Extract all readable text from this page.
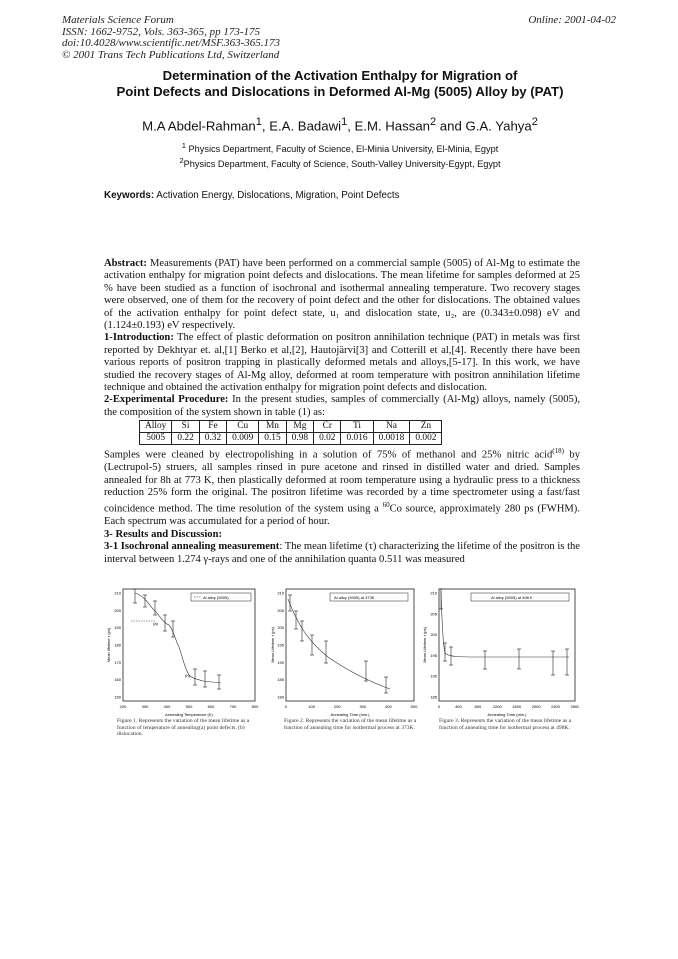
Materials Science Forum
ISSN: 1662-9752, Vols. 363-365, pp 173-175
doi:10.4028/www.scientific.net/MSF.363-365.173
© 2001 Trans Tech Publications Ltd, Switzerland
Online: 2001-04-02
Determination of the Activation Enthalpy for Migration of
Point Defects and Dislocations in Deformed Al-Mg (5005) Alloy by (PAT)
M.A Abdel-Rahman$^1$, E.A. Badawi$^1$, E.M. Hassan$^2$ and G.A. Yahya$^2$
$^1$ Physics Department, Faculty of Science, El-Minia University, El-Minia, Egypt
$^2$Physics Department, Faculty of Science, South-Valley University-Egypt, Egypt
Keywords: Activation Energy, Dislocations, Migration, Point Defects

Abstract: Measurements (PAT) have been performed on a commercial sample (5005) of Al-Mg to estimate the activation enthalpy for migration point defects and dislocations. The mean lifetime for samples deformed at 25 % have been studied as a function of isochronal and isothermal annealing temperature. Two recovery stages were observed, one of them for the recovery of point defect and the other for dislocations. The obtained values of the activation enthalpy for point defect state, u₁ and dislocation state, u₂, are (0.343±0.098) eV and (1.124±0.193) eV respectively.

1-Introduction: The effect of plastic deformation on positron annihilation technique (PAT) in metals was first reported by Dekhtyar et. al,[1] Berko et al,[2], Hautojärvi[3] and Cotterill et al,[4]. Recently there have been various reports of positron trapping in plastically deformed metals and alloys,[5-17]. In this work, we have studied the recovery stages of Al-Mg alloy, deformed at room temperature with positron annihilation lifetime technique and obtained the activation enthalpy for migration point defects and dislocation.

2-Experimental Procedure: In the present studies, samples of commercially (Al-Mg) alloys, namely (5005), the composition of the system shown in table (1) as:

Alloy	Si	Fe	Cu	Mn	Mg	Cr	Ti	Na	Zn
5005	0.22	0.32	0.009	0.15	0.98	0.02	0.016	0.0018	0.002

Samples were cleaned by electropolishing in a solution of 75% of methanol and 25% nitric acid$^{(18)}$ by (Lectrupol-5) struers, all samples rinsed in pure acetone and rinsed in distilled water and dried. Samples annealed for 8h at 773 K, then plastically deformed at room temperature using a hydraulic press to a thickness reduction 25% form the original. The positron lifetime was recorded by a time spectrometer using a fast/fast coincidence method. The time resolution of the system using a $^{60}$Co source, approximately 280 ps (FWHM). Each spectrum was accumulated for a period of hour.

3- Results and Discussion:

3-1 Isochronal annealing measurement: The mean lifetime (τ) characterizing the lifetime of the positron is the interval between 1.274 γ-rays and one of the annihilation quanta 0.511 was measured

Al alloy (5005)
150
160
170
180
190
200
210
200	300	400	500	600	700	800
(a)
(b)
Mean lifetime τ (ps)
Annealing Temperature (K)
Figure 1. Represents the variation of the mean lifetime as a function of temperature of annealing(a) point defects, (b) dislocation.
Al alloy (5005) at 373K
180
185
190
195
200
205
210
0	100	200	300	400	500
Mean Lifetime τ (ps)
Annealing Time (min.)
Figure 2. Represents the variation of the mean lifetime as a function of annealing time for isothermal process at 373K.
Al alloy (5005) at 498 K
185
190
195
200
205
210
0	400	800	1200	1600	2000	2400	2800
Mean Lifetime τ (ps)
Annealing Time (min.)
Figure 3. Represents the variation of the mean lifetime as a function of annealing time for isothermal process at 498K.
